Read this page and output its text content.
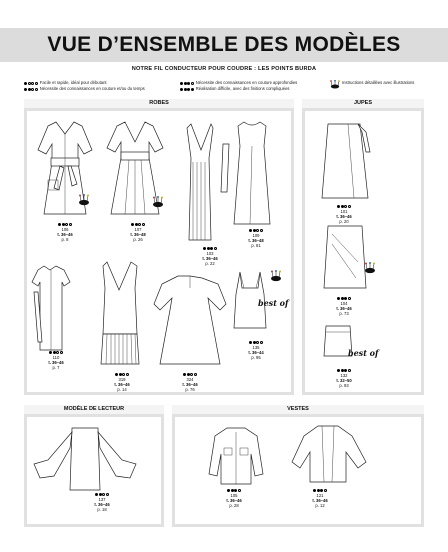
VUE D’ENSEMBLE DES MODÈLES
NOTRE FIL CONDUCTEUR POUR COUDRE : LES POINTS BURDA
Facile et rapide, idéal pour débutant
Nécessite des connaissances en couture et/ou du temps
Nécessite des connaissances en couture approfondies
Réalisation difficile, avec des finitions compliquées
Instructions détaillées avec illustrations
ROBES	JUPES
MODÈLE DE LECTEUR	VESTES
best of
best of
106
t. 36–46
p. 8
107
t. 36–48
p. 26
103
t. 36–46
p. 22
109
t. 36–48
p. 81
110
t. 36–46
p. 7
319
t. 36–46
p. 14
324
t. 36–46
p. 76
135
t. 36–44
p. 95
101
t. 36–46
p. 20
104
t. 36–46
p. 73
132
t. 32–50
p. 93
137
t. 36–46
p. 18
105
t. 36–46
p. 28
121
t. 36–46
p. 12
